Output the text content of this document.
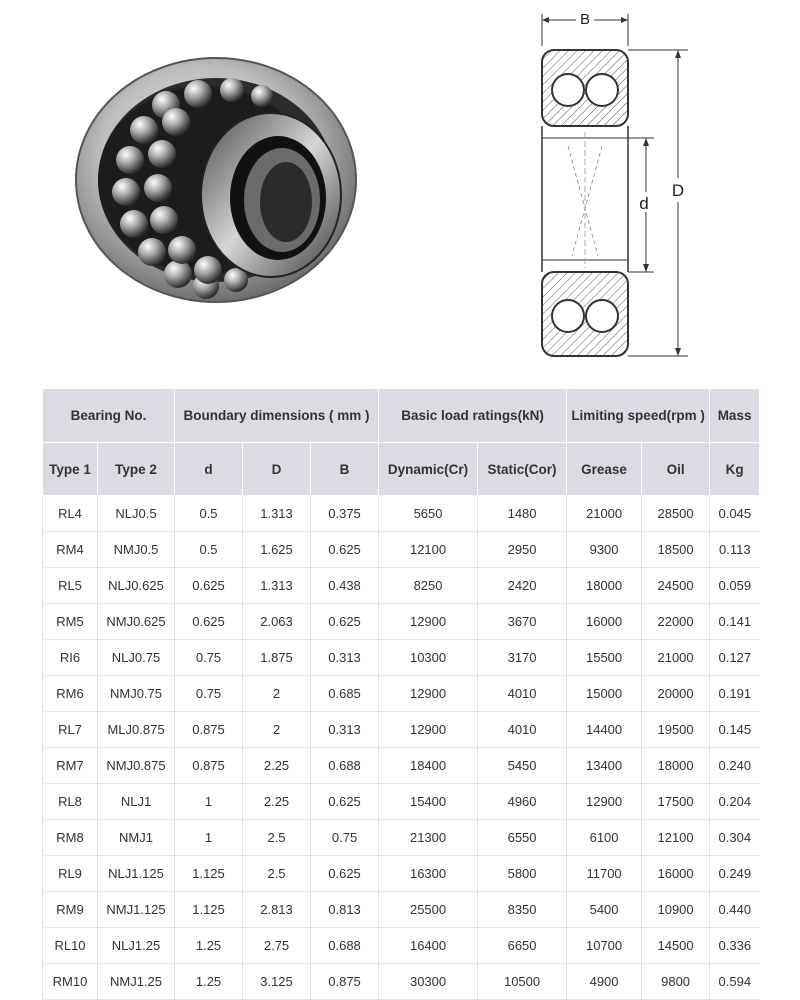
B
d
D
Bearing No.		Boundary dimensions ( mm )			Basic load ratings(kN)		Limiting speed(rpm )		Mass
Type 1	Type 2	d	D	B	Dynamic(Cr)	Static(Cor)	Grease	Oil	Kg
RL4	NLJ0.5	0.5	1.313	0.375	5650	1480	21000	28500	0.045
RM4	NMJ0.5	0.5	1.625	0.625	12100	2950	9300	18500	0.113
RL5	NLJ0.625	0.625	1.313	0.438	8250	2420	18000	24500	0.059
RM5	NMJ0.625	0.625	2.063	0.625	12900	3670	16000	22000	0.141
RI6	NLJ0.75	0.75	1.875	0.313	10300	3170	15500	21000	0.127
RM6	NMJ0.75	0.75	2	0.685	12900	4010	15000	20000	0.191
RL7	MLJ0.875	0.875	2	0.313	12900	4010	14400	19500	0.145
RM7	NMJ0.875	0.875	2.25	0.688	18400	5450	13400	18000	0.240
RL8	NLJ1	1	2.25	0.625	15400	4960	12900	17500	0.204
RM8	NMJ1	1	2.5	0.75	21300	6550	6100	12100	0.304
RL9	NLJ1.125	1.125	2.5	0.625	16300	5800	11700	16000	0.249
RM9	NMJ1.125	1.125	2.813	0.813	25500	8350	5400	10900	0.440
RL10	NLJ1.25	1.25	2.75	0.688	16400	6650	10700	14500	0.336
RM10	NMJ1.25	1.25	3.125	0.875	30300	10500	4900	9800	0.594
